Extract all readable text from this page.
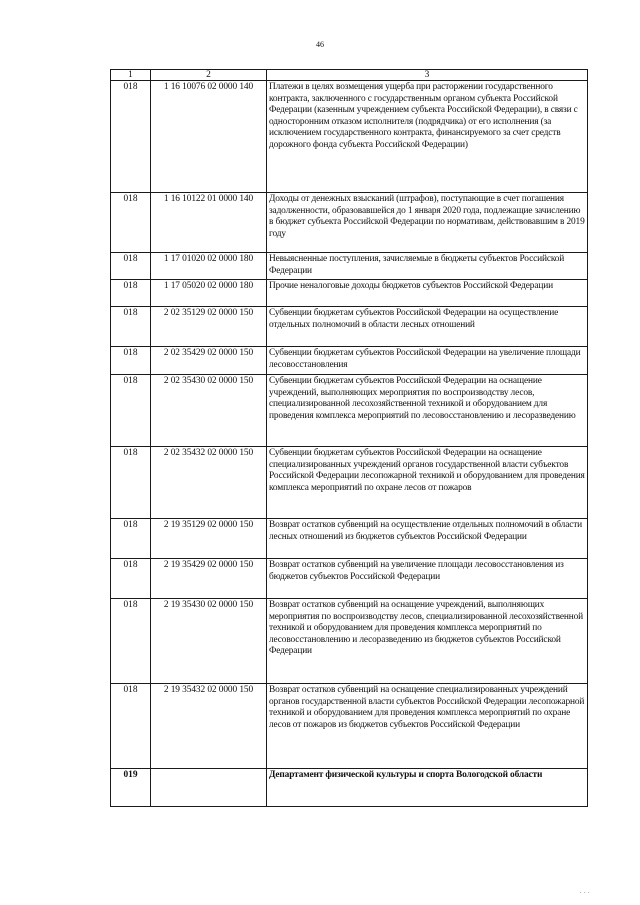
46
1	2	3
018	1 16 10076 02 0000 140	Платежи в целях возмещения ущерба при расторжении государственного контракта, заключенного с государственным органом субъекта Российской Федерации (казенным учреждением субъекта Российской Федерации), в связи с односторонним отказом исполнителя (подрядчика) от его исполнения (за исключением государственного контракта, финансируемого за счет средств дорожного фонда субъекта Российской Федерации)
018	1 16 10122 01 0000 140	Доходы от денежных взысканий (штрафов), поступающие в счет погашения задолженности, образовавшейся до 1 января 2020 года, подлежащие зачислению в бюджет субъекта Российской Федерации по нормативам, действовавшим в 2019 году
018	1 17 01020 02 0000 180	Невыясненные поступления, зачисляемые в бюджеты субъектов Российской Федерации
018	1 17 05020 02 0000 180	Прочие неналоговые доходы бюджетов субъектов Российской Федерации
018	2 02 35129 02 0000 150	Субвенции бюджетам субъектов Российской Федерации на осуществление отдельных полномочий в области лесных отношений
018	2 02 35429 02 0000 150	Субвенции бюджетам субъектов Российской Федерации на увеличение площади лесовосстановления
018	2 02 35430 02 0000 150	Субвенции бюджетам субъектов Российской Федерации на оснащение учреждений, выполняющих мероприятия по воспроизводству лесов, специализированной лесохозяйственной техникой и оборудованием для проведения комплекса мероприятий по лесовосстановлению и лесоразведению
018	2 02 35432 02 0000 150	Субвенции бюджетам субъектов Российской Федерации на оснащение специализированных учреждений органов государственной власти субъектов Российской Федерации лесопожарной техникой и оборудованием для проведения комплекса мероприятий по охране лесов от пожаров
018	2 19 35129 02 0000 150	Возврат остатков субвенций на осуществление отдельных полномочий в области лесных отношений из бюджетов субъектов Российской Федерации
018	2 19 35429 02 0000 150	Возврат остатков субвенций на увеличение площади лесовосстановления из бюджетов субъектов Российской Федерации
018	2 19 35430 02 0000 150	Возврат остатков субвенций на оснащение учреждений, выполняющих мероприятия по воспроизводству лесов, специализированной лесохозяйственной техникой и оборудованием для проведения комплекса мероприятий по лесовосстановлению и лесоразведению из бюджетов субъектов Российской Федерации
018	2 19 35432 02 0000 150	Возврат остатков субвенций на оснащение специализированных учреждений органов государственной власти субъектов Российской Федерации лесопожарной техникой и оборудованием для проведения комплекса мероприятий по охране лесов от пожаров из бюджетов субъектов Российской Федерации
019		Департамент физической культуры и спорта Вологодской области
· · ·
